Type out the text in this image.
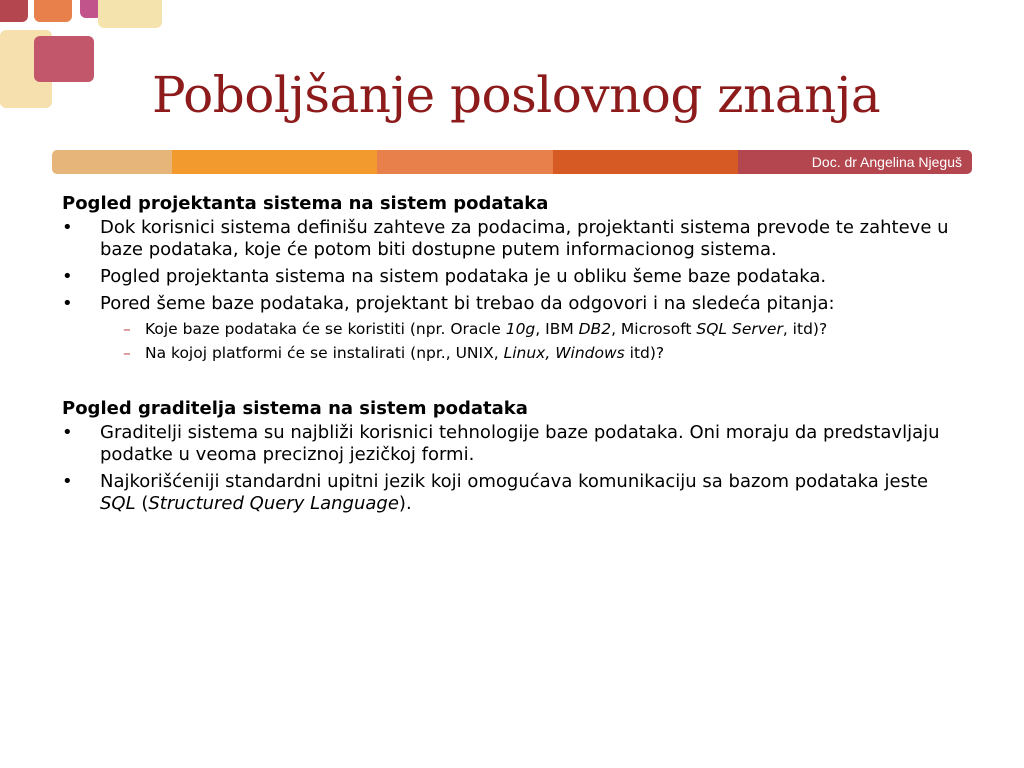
Poboljšanje poslovnog znanja
Doc. dr Angelina Njeguš
Pogled projektanta sistema na sistem podataka
• Dok korisnici sistema definišu zahteve za podacima, projektanti sistema prevode te zahteve u baze podataka, koje će potom biti dostupne putem informacionog sistema.
• Pogled projektanta sistema na sistem podataka je u obliku šeme baze podataka.
• Pored šeme baze podataka, projektant bi trebao da odgovori i na sledeća pitanja:
– Koje baze podataka će se koristiti (npr. Oracle 10g, IBM DB2, Microsoft SQL Server, itd)?
– Na kojoj platformi će se instalirati (npr., UNIX, Linux, Windows itd)?
Pogled graditelja sistema na sistem podataka
• Graditelji sistema su najbliži korisnici tehnologije baze podataka. Oni moraju da predstavljaju podatke u veoma preciznoj jezičkoj formi.
• Najkorišćeniji standardni upitni jezik koji omogućava komunikaciju sa bazom podataka jeste SQL (Structured Query Language).
